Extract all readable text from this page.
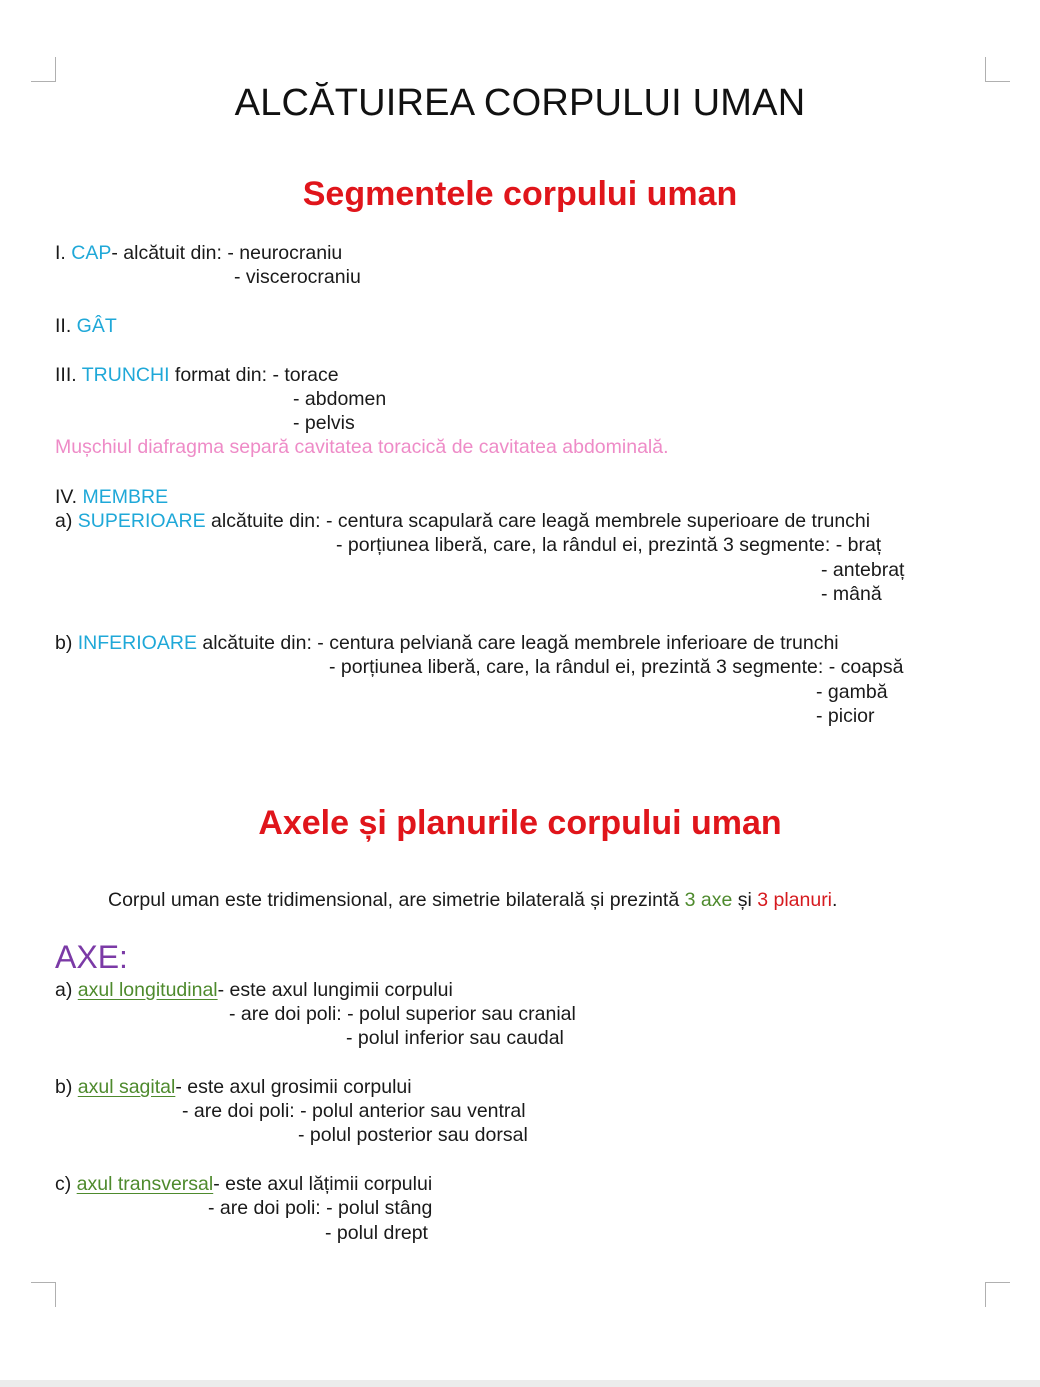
ALCĂTUIREA CORPULUI UMAN
Segmentele corpului uman
I. CAP- alcătuit din: - neurocraniu
- viscerocraniu
II. GÂT
III. TRUNCHI format din: - torace
- abdomen
- pelvis
Mușchiul diafragma separă cavitatea toracică de cavitatea abdominală.
IV. MEMBRE
a) SUPERIOARE alcătuite din: - centura scapulară care leagă membrele superioare de trunchi
- porțiunea liberă, care, la rândul ei, prezintă 3 segmente: - braț
- antebraț
- mână
b) INFERIOARE alcătuite din: - centura pelviană care leagă membrele inferioare de trunchi
- porțiunea liberă, care, la rândul ei, prezintă 3 segmente: - coapsă
- gambă
- picior
Axele și planurile corpului uman
Corpul uman este tridimensional, are simetrie bilaterală și prezintă 3 axe și 3 planuri.
AXE:
a) axul longitudinal- este axul lungimii corpului
- are doi poli: - polul superior sau cranial
- polul inferior sau caudal
b) axul sagital- este axul grosimii corpului
- are doi poli: - polul anterior sau ventral
- polul posterior sau dorsal
c) axul transversal- este axul lățimii corpului
- are doi poli: - polul stâng
- polul drept
